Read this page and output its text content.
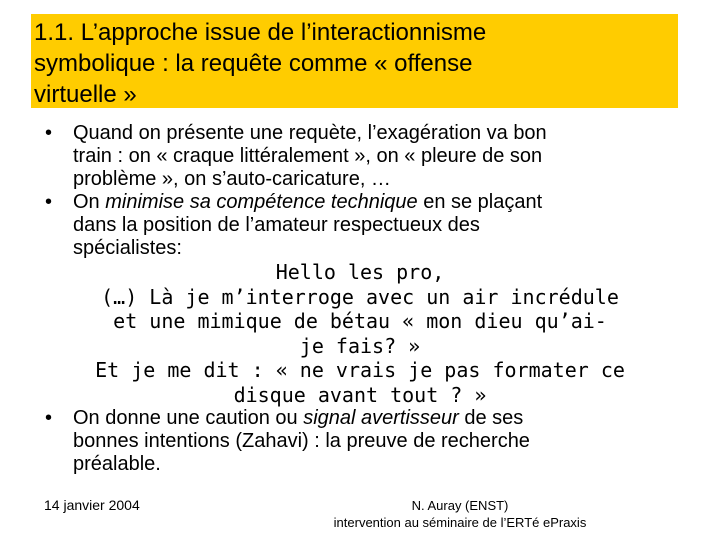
1.1. L’approche issue de l’interactionnisme
symbolique : la requête comme « offense
virtuelle »
• Quand on présente une requète, l’exagération va bon
train : on « craque littéralement », on « pleure de son
problème », on s’auto-caricature, …
• On minimise sa compétence technique en se plaçant
dans la position de l’amateur respectueux des
spécialistes:
Hello les pro,
(…) Là je m’interroge avec un air incrédule
et une mimique de bétau « mon dieu qu’ai-
je fais? »
Et je me dit : « ne vrais je pas formater ce
disque avant tout ? »
• On donne une caution ou signal avertisseur de ses
bonnes intentions (Zahavi) : la preuve de recherche
préalable.
14 janvier 2004	N. Auray (ENST)
intervention au séminaire de l’ERTé ePraxis
